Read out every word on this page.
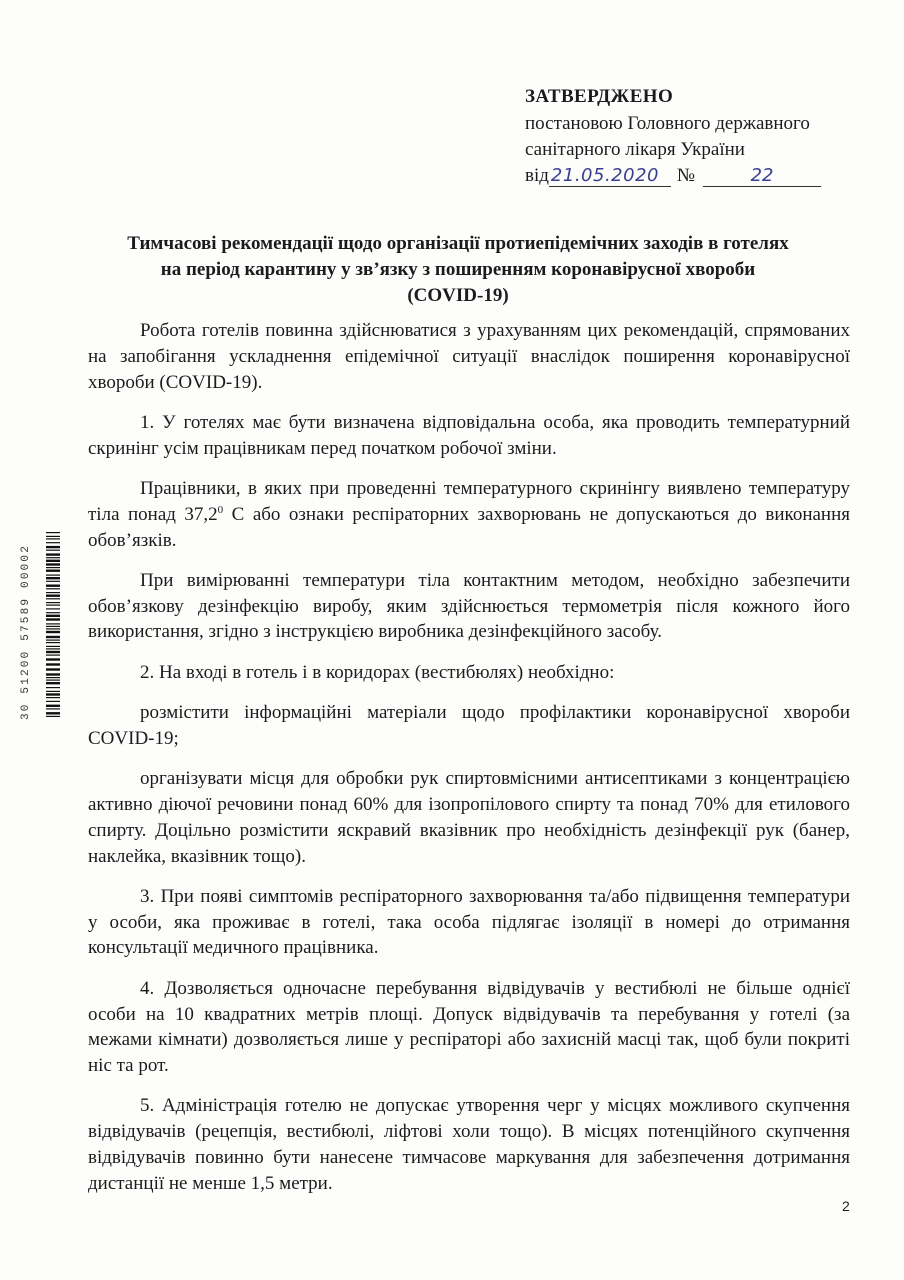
30 51200 57589 00002
ЗАТВЕРДЖЕНО
постановою Головного державного
санітарного лікаря України
від 21.05.2020 №	22
Тимчасові рекомендації щодо організації протиепідемічних заходів в готелях
на період карантину у зв’язку з поширенням коронавірусної хвороби
(COVID-19)

Робота готелів повинна здійснюватися з урахуванням цих рекомендацій, спрямованих на запобігання ускладнення епідемічної ситуації внаслідок поширення коронавірусної хвороби (COVID-19).

1. У готелях має бути визначена відповідальна особа, яка проводить температурний скринінг усім працівникам перед початком робочої зміни.

Працівники, в яких при проведенні температурного скринінгу виявлено температуру тіла понад 37,2$^0$ С або ознаки респіраторних захворювань не допускаються до виконання обов’язків.

При вимірюванні температури тіла контактним методом, необхідно забезпечити обов’язкову дезінфекцію виробу, яким здійснюється термометрія після кожного його використання, згідно з інструкцією виробника дезінфекційного засобу.

2. На вході в готель і в коридорах (вестибюлях) необхідно:

розмістити інформаційні матеріали щодо профілактики коронавірусної хвороби COVID-19;

організувати місця для обробки рук спиртовмісними антисептиками з концентрацією активно діючої речовини понад 60% для ізопропілового спирту та понад 70% для етилового спирту. Доцільно розмістити яскравий вказівник про необхідність дезінфекції рук (банер, наклейка, вказівник тощо).

3. При появі симптомів респіраторного захворювання та/або підвищення температури у особи, яка проживає в готелі, така особа підлягає ізоляції в номері до отримання консультації медичного працівника.

4. Дозволяється одночасне перебування відвідувачів у вестибюлі не більше однієї особи на 10 квадратних метрів площі. Допуск відвідувачів та перебування у готелі (за межами кімнати) дозволяється лише у респіраторі або захисній масці так, щоб були покриті ніс та рот.

5. Адміністрація готелю не допускає утворення черг у місцях можливого скупчення відвідувачів (рецепція, вестибюлі, ліфтові холи тощо). В місцях потенційного скупчення відвідувачів повинно бути нанесене тимчасове маркування для забезпечення дотримання дистанції не менше 1,5 метри.

2
